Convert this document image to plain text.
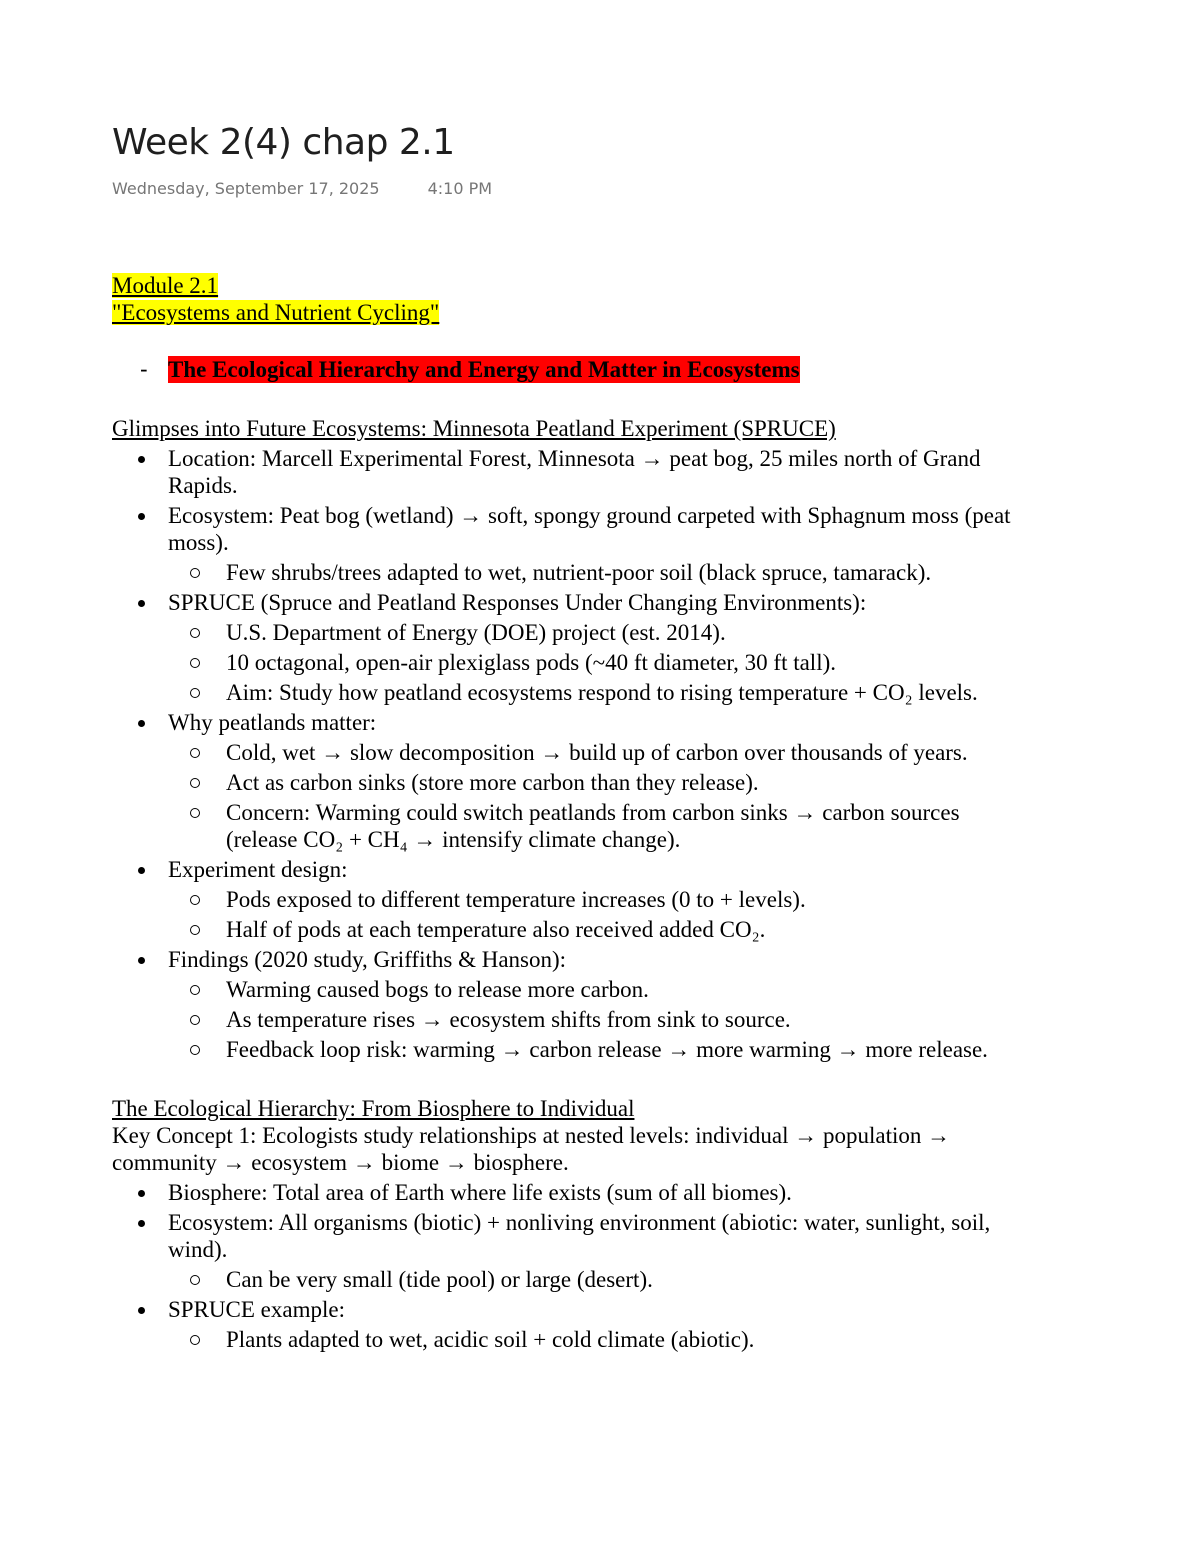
Week 2(4) chap 2.1
Wednesday, September 17, 2025	4:10 PM

Module 2.1

"Ecosystems and Nutrient Cycling"

- The Ecological Hierarchy and Energy and Matter in Ecosystems

Glimpses into Future Ecosystems: Minnesota Peatland Experiment (SPRUCE)

Location: Marcell Experimental Forest, Minnesota → peat bog, 25 miles north of Grand Rapids.
Ecosystem: Peat bog (wetland) → soft, spongy ground carpeted with Sphagnum moss (peat moss).
Few shrubs/trees adapted to wet, nutrient-poor soil (black spruce, tamarack).
SPRUCE (Spruce and Peatland Responses Under Changing Environments):
U.S. Department of Energy (DOE) project (est. 2014).
10 octagonal, open-air plexiglass pods (~40 ft diameter, 30 ft tall).
Aim: Study how peatland ecosystems respond to rising temperature + CO₂ levels.
Why peatlands matter:
Cold, wet → slow decomposition → build up of carbon over thousands of years.
Act as carbon sinks (store more carbon than they release).
Concern: Warming could switch peatlands from carbon sinks → carbon sources (release CO₂ + CH₄ → intensify climate change).
Experiment design:
Pods exposed to different temperature increases (0 to + levels).
Half of pods at each temperature also received added CO₂.
Findings (2020 study, Griffiths & Hanson):
Warming caused bogs to release more carbon.
As temperature rises → ecosystem shifts from sink to source.
Feedback loop risk: warming → carbon release → more warming → more release.

The Ecological Hierarchy: From Biosphere to Individual

Key Concept 1: Ecologists study relationships at nested levels: individual → population → community → ecosystem → biome → biosphere.

Biosphere: Total area of Earth where life exists (sum of all biomes).
Ecosystem: All organisms (biotic) + nonliving environment (abiotic: water, sunlight, soil, wind).
Can be very small (tide pool) or large (desert).
SPRUCE example:
Plants adapted to wet, acidic soil + cold climate (abiotic).
